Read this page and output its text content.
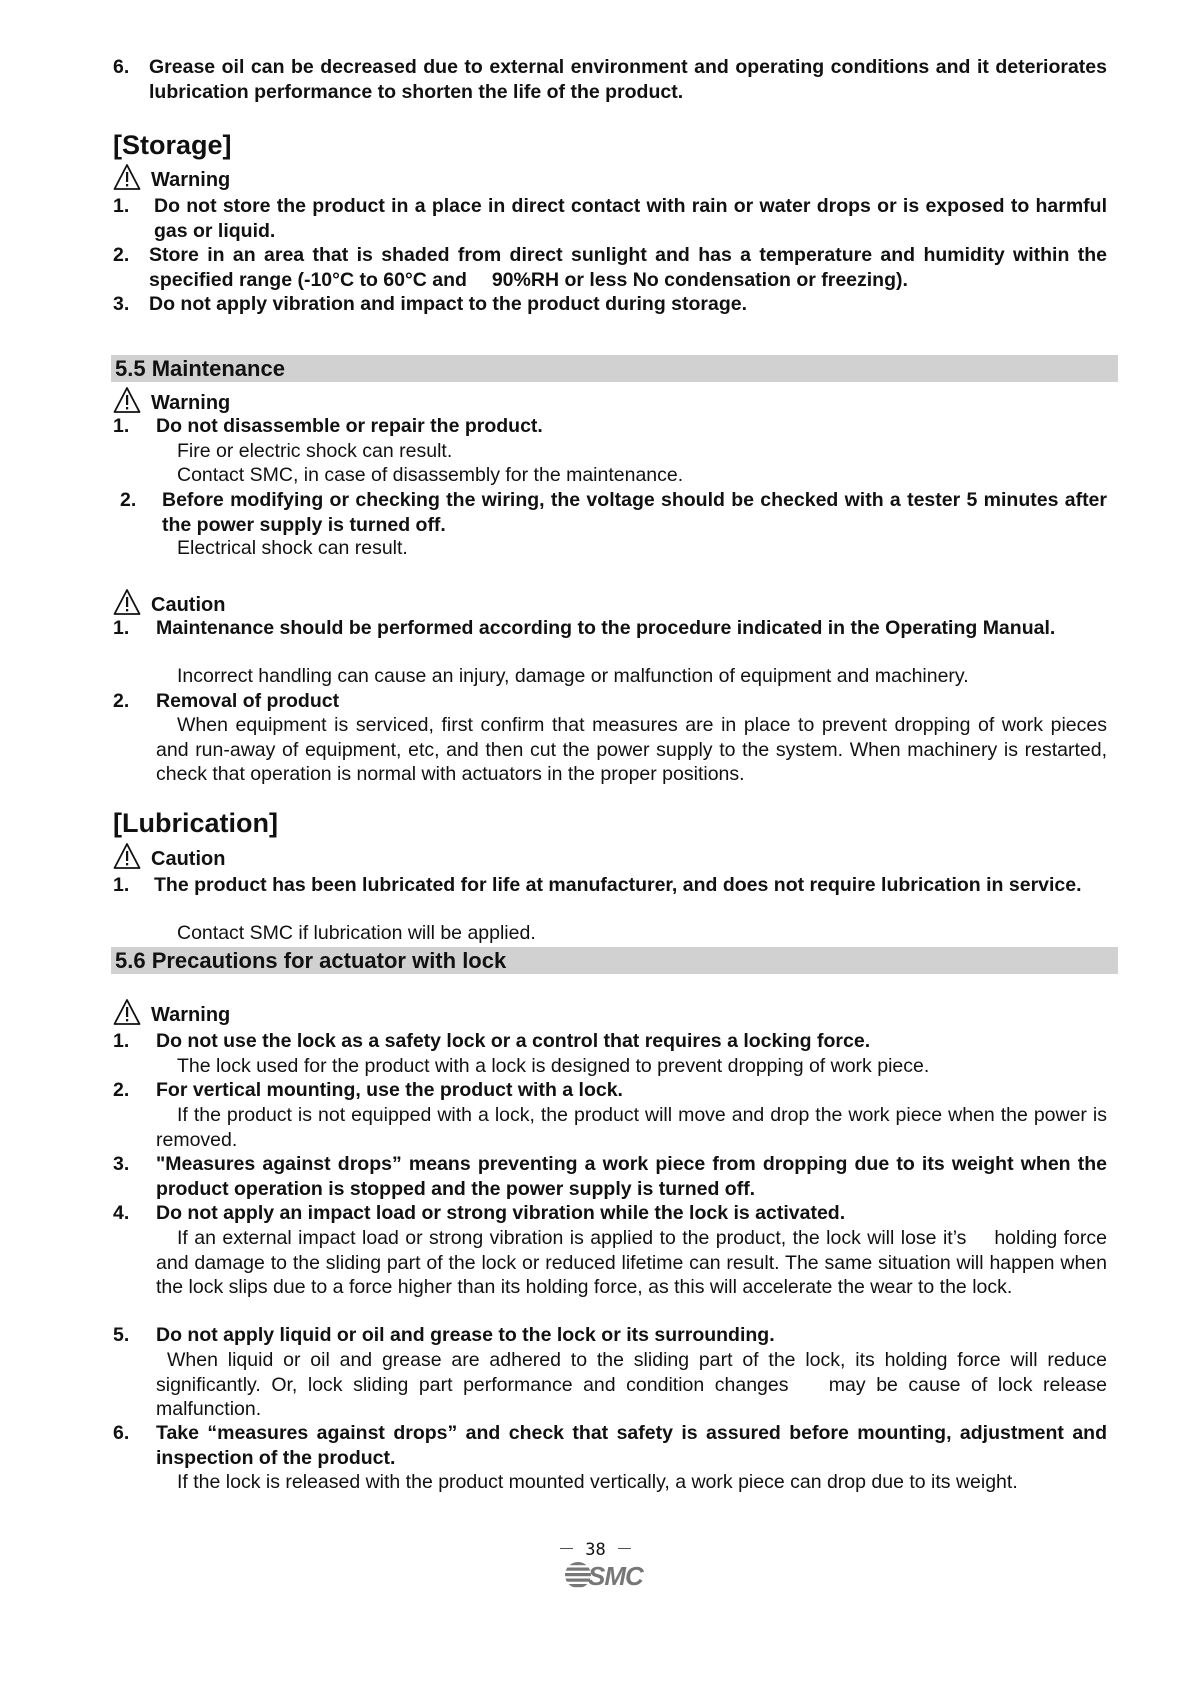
6. Grease oil can be decreased due to external environment and operating conditions and it deteriorates lubrication performance to shorten the life of the product.
[Storage]
Warning
1. Do not store the product in a place in direct contact with rain or water drops or is exposed to harmful gas or liquid.
2. Store in an area that is shaded from direct sunlight and has a temperature and humidity within the specified range (-10°C to 60°C and　 90%RH or less No condensation or freezing).
3. Do not apply vibration and impact to the product during storage.
5.5 Maintenance
Warning
1. Do not disassemble or repair the product.
Fire or electric shock can result.
Contact SMC, in case of disassembly for the maintenance.
2. Before modifying or checking the wiring, the voltage should be checked with a tester 5 minutes after the power supply is turned off.
Electrical shock can result.
Caution
1. Maintenance should be performed according to the procedure indicated in the Operating Manual.
Incorrect handling can cause an injury, damage or malfunction of equipment and machinery.
2. Removal of product
When equipment is serviced, first confirm that measures are in place to prevent dropping of work pieces and run-away of equipment, etc, and then cut the power supply to the system. When machinery is restarted, check that operation is normal with actuators in the proper positions.
[Lubrication]
Caution
1. The product has been lubricated for life at manufacturer, and does not require lubrication in service.
Contact SMC if lubrication will be applied.
5.6 Precautions for actuator with lock
Warning
1. Do not use the lock as a safety lock or a control that requires a locking force.
The lock used for the product with a lock is designed to prevent dropping of work piece.
2. For vertical mounting, use the product with a lock.
If the product is not equipped with a lock, the product will move and drop the work piece when the power is removed.
3. "Measures against drops” means preventing a work piece from dropping due to its weight when the product operation is stopped and the power supply is turned off.
4. Do not apply an impact load or strong vibration while the lock is activated.
If an external impact load or strong vibration is applied to the product, the lock will lose it’s　 holding force and damage to the sliding part of the lock or reduced lifetime can result. The same situation will happen when the lock slips due to a force higher than its holding force, as this will accelerate the wear to the lock.
5. Do not apply liquid or oil and grease to the lock or its surrounding.
When liquid or oil and grease are adhered to the sliding part of the lock, its holding force will reduce significantly. Or, lock sliding part performance and condition changes　 may be cause of lock release malfunction.
6. Take “measures against drops” and check that safety is assured before mounting, adjustment and inspection of the product.
If the lock is released with the product mounted vertically, a work piece can drop due to its weight.
－ 38 －
SMC
